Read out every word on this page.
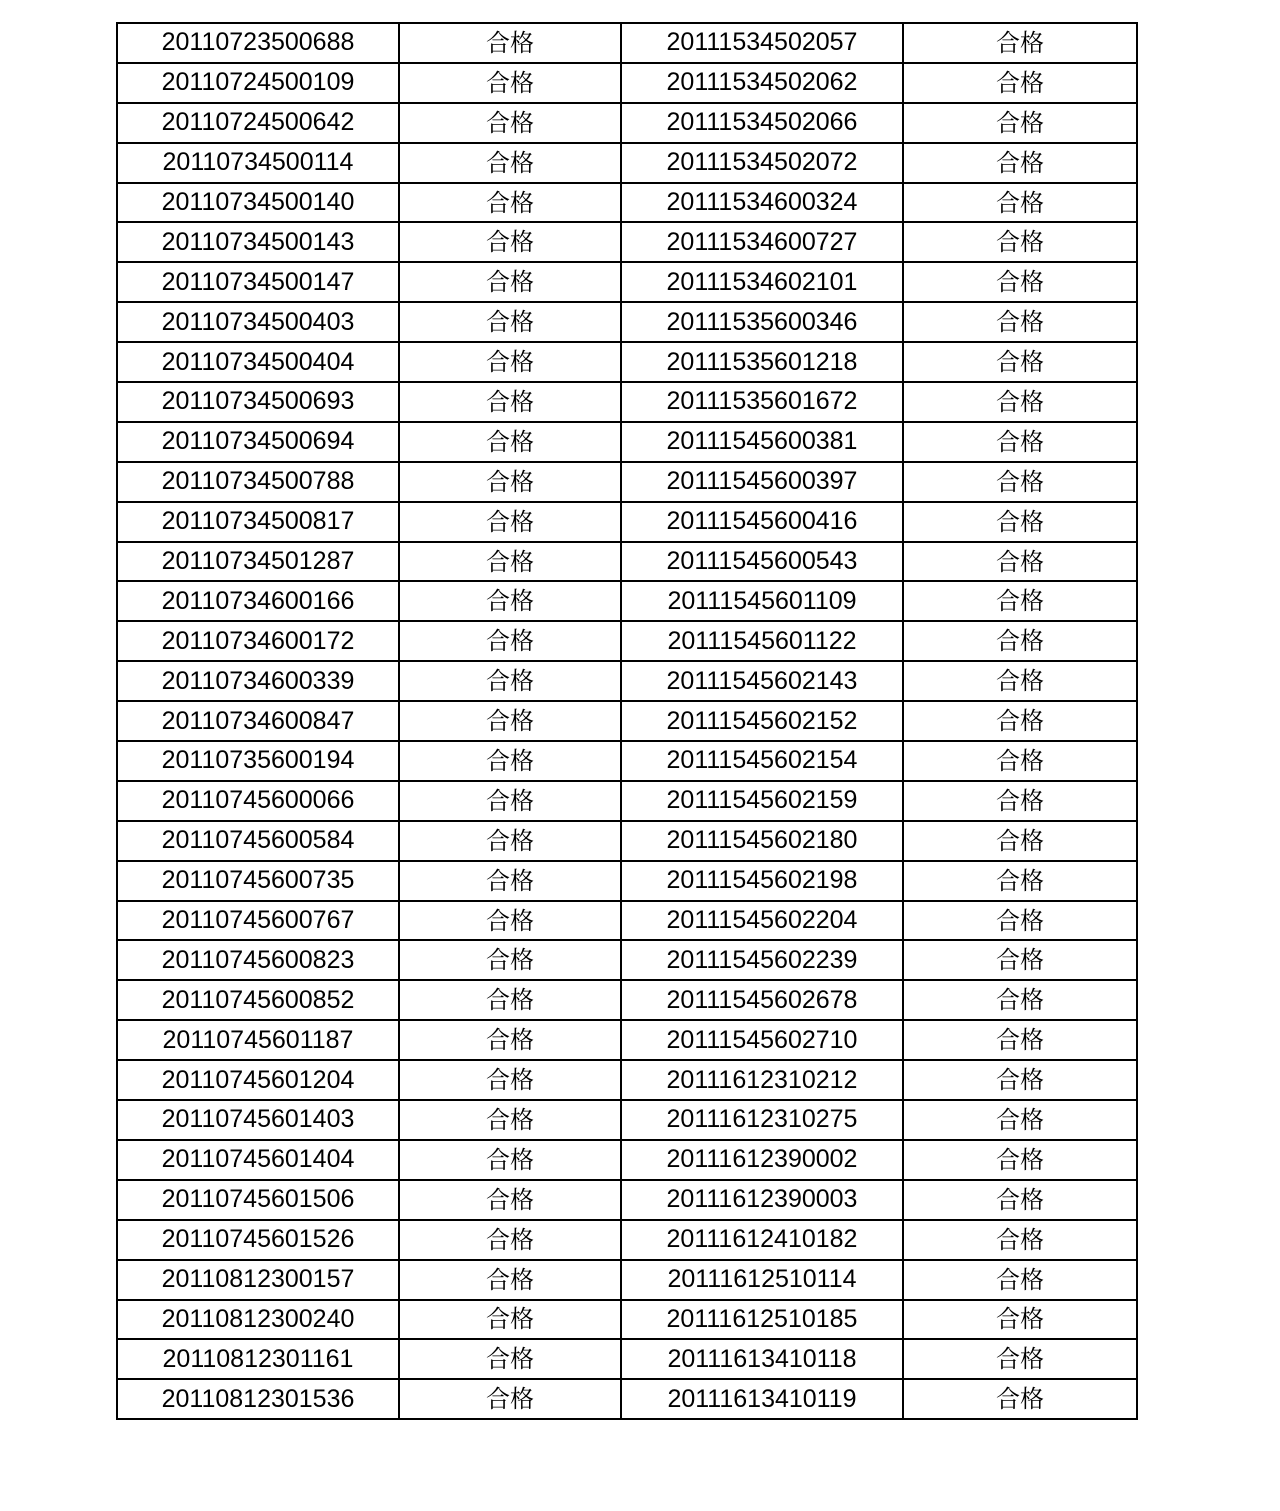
20110723500688	合格	20111534502057	合格
20110724500109	合格	20111534502062	合格
20110724500642	合格	20111534502066	合格
20110734500114	合格	20111534502072	合格
20110734500140	合格	20111534600324	合格
20110734500143	合格	20111534600727	合格
20110734500147	合格	20111534602101	合格
20110734500403	合格	20111535600346	合格
20110734500404	合格	20111535601218	合格
20110734500693	合格	20111535601672	合格
20110734500694	合格	20111545600381	合格
20110734500788	合格	20111545600397	合格
20110734500817	合格	20111545600416	合格
20110734501287	合格	20111545600543	合格
20110734600166	合格	20111545601109	合格
20110734600172	合格	20111545601122	合格
20110734600339	合格	20111545602143	合格
20110734600847	合格	20111545602152	合格
20110735600194	合格	20111545602154	合格
20110745600066	合格	20111545602159	合格
20110745600584	合格	20111545602180	合格
20110745600735	合格	20111545602198	合格
20110745600767	合格	20111545602204	合格
20110745600823	合格	20111545602239	合格
20110745600852	合格	20111545602678	合格
20110745601187	合格	20111545602710	合格
20110745601204	合格	20111612310212	合格
20110745601403	合格	20111612310275	合格
20110745601404	合格	20111612390002	合格
20110745601506	合格	20111612390003	合格
20110745601526	合格	20111612410182	合格
20110812300157	合格	20111612510114	合格
20110812300240	合格	20111612510185	合格
20110812301161	合格	20111613410118	合格
20110812301536	合格	20111613410119	合格
